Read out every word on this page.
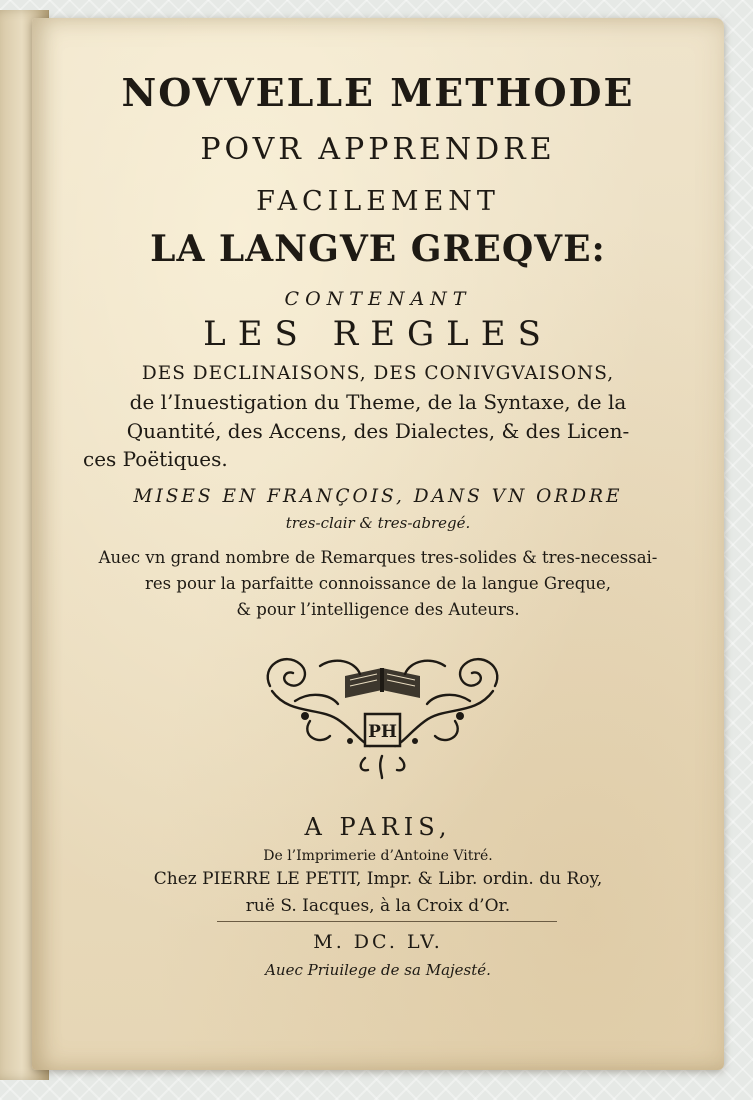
NOVVELLE METHODE
POVR APPRENDRE
FACILEMENT
LA LANGVE GREQVE:
CONTENANT
LES REGLES
DES DECLINAISONS, DES CONIVGVAISONS,
de l’Inuestigation du Theme, de la Syntaxe, de la
Quantité, des Accens, des Dialectes, & des Licen-
ces Poëtiques.
MISES EN FRANÇOIS, DANS VN ORDRE
tres-clair & tres-abregé.
Auec vn grand nombre de Remarques tres-solides & tres-necessai-
res pour la parfaitte connoissance de la langue Greque,
& pour l’intelligence des Auteurs.
PH
A PARIS,
De l’Imprimerie d’Antoine Vitré.
Chez PIERRE LE PETIT, Impr. & Libr. ordin. du Roy,
ruë S. Iacques, à la Croix d’Or.
M. DC. LV.
Auec Priuilege de sa Majesté.
